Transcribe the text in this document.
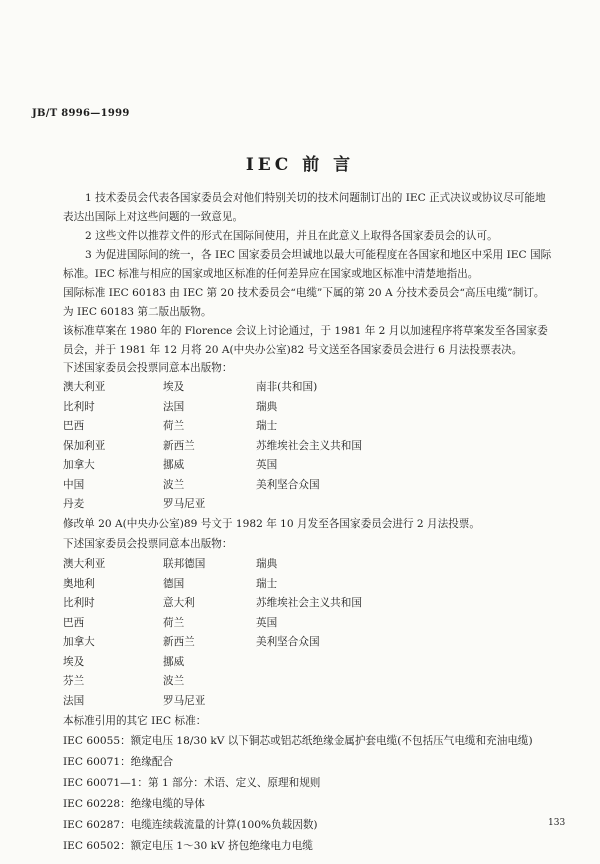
JB/T 8996—1999
IEC 前 言
1 技术委员会代表各国家委员会对他们特别关切的技术问题制订出的 IEC 正式决议或协议尽可能地表达出国际上对这些问题的一致意见。
2 这些文件以推荐文件的形式在国际间使用，并且在此意义上取得各国家委员会的认可。
3 为促进国际间的统一，各 IEC 国家委员会坦诚地以最大可能程度在各国家和地区中采用 IEC 国际标准。IEC 标准与相应的国家或地区标准的任何差异应在国家或地区标准中清楚地指出。
国际标准 IEC 60183 由 IEC 第 20 技术委员会“电缆”下属的第 20 A 分技术委员会“高压电缆”制订。
为 IEC 60183 第二版出版物。
该标准草案在 1980 年的 Florence 会议上讨论通过，于 1981 年 2 月以加速程序将草案发至各国家委员会，并于 1981 年 12 月将 20 A(中央办公室)82 号文送至各国家委员会进行 6 月法投票表决。
下述国家委员会投票同意本出版物：
澳大利亚	埃及	南非(共和国)
比利时	法国	瑞典
巴西	荷兰	瑞士
保加利亚	新西兰	苏维埃社会主义共和国
加拿大	挪威	英国
中国	波兰	美利坚合众国
丹麦	罗马尼亚
修改单 20 A(中央办公室)89 号文于 1982 年 10 月发至各国家委员会进行 2 月法投票。
下述国家委员会投票同意本出版物：
澳大利亚	联邦德国	瑞典
奥地利	德国	瑞士
比利时	意大利	苏维埃社会主义共和国
巴西	荷兰	英国
加拿大	新西兰	美利坚合众国
埃及	挪威
芬兰	波兰
法国	罗马尼亚
本标准引用的其它 IEC 标准：
IEC 60055：额定电压 18/30 kV 以下铜芯或铝芯纸绝缘金属护套电缆(不包括压气电缆和充油电缆)
IEC 60071：绝缘配合
IEC 60071—1：第 1 部分：术语、定义、原理和规则
IEC 60228：绝缘电缆的导体
IEC 60287：电缆连续载流量的计算(100%负载因数)
IEC 60502：额定电压 1～30 kV 挤包绝缘电力电缆
133
